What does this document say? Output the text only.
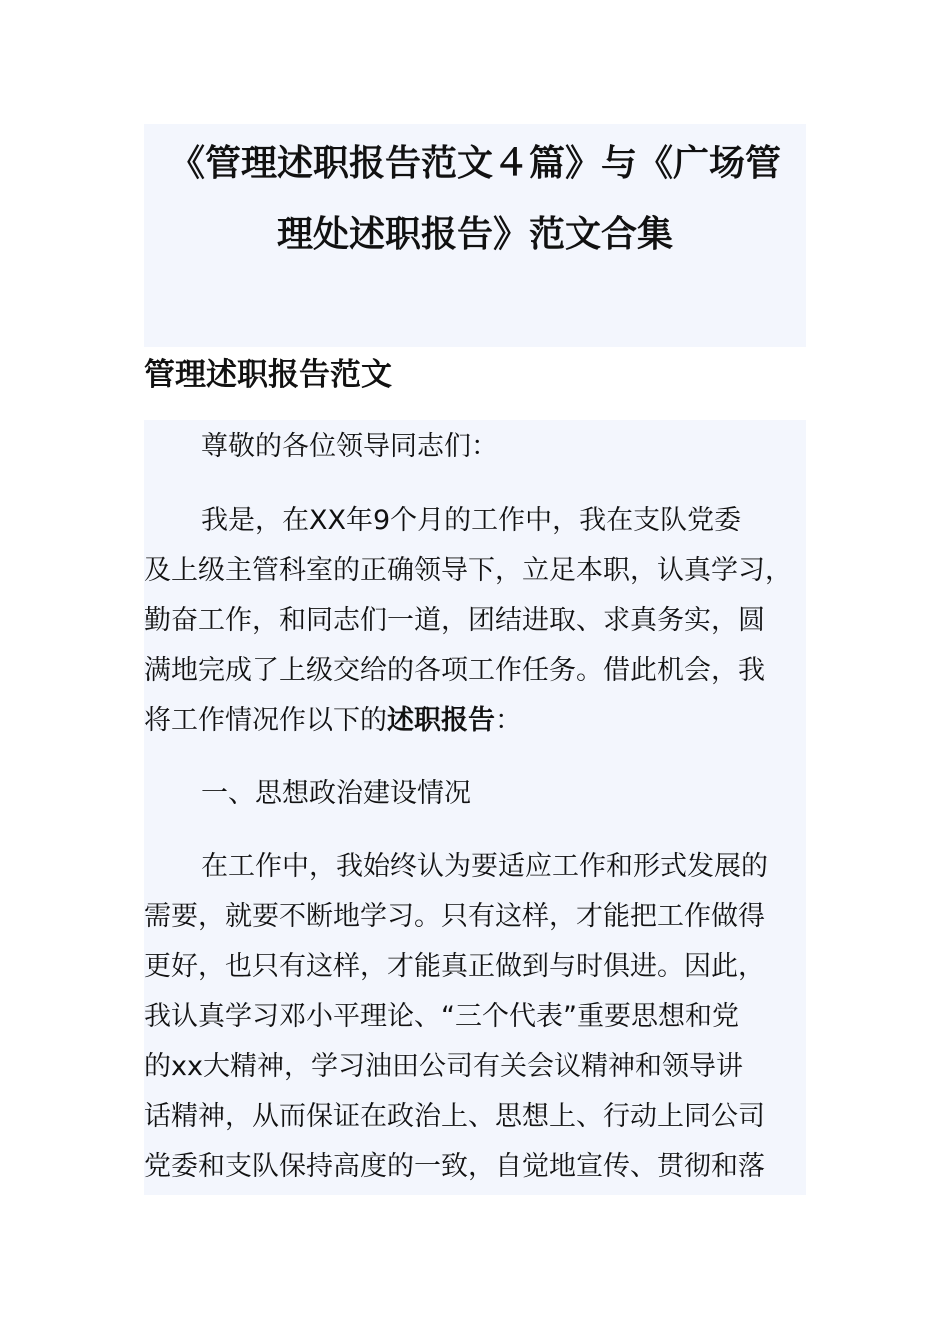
《管理述职报告范文４篇》与《广场管
理处述职报告》范文合集
管理述职报告范文
尊敬的各位领导同志们：
我是，在XX年9个月的工作中，我在支队党委
及上级主管科室的正确领导下，立足本职，认真学习，
勤奋工作，和同志们一道，团结进取、求真务实，圆
满地完成了上级交给的各项工作任务。借此机会，我
将工作情况作以下的述职报告：
一、思想政治建设情况
在工作中，我始终认为要适应工作和形式发展的
需要，就要不断地学习。只有这样，才能把工作做得
更好，也只有这样，才能真正做到与时俱进。因此，
我认真学习邓小平理论、“三个代表”重要思想和党
的xx大精神，学习油田公司有关会议精神和领导讲
话精神，从而保证在政治上、思想上、行动上同公司
党委和支队保持高度的一致，自觉地宣传、贯彻和落
